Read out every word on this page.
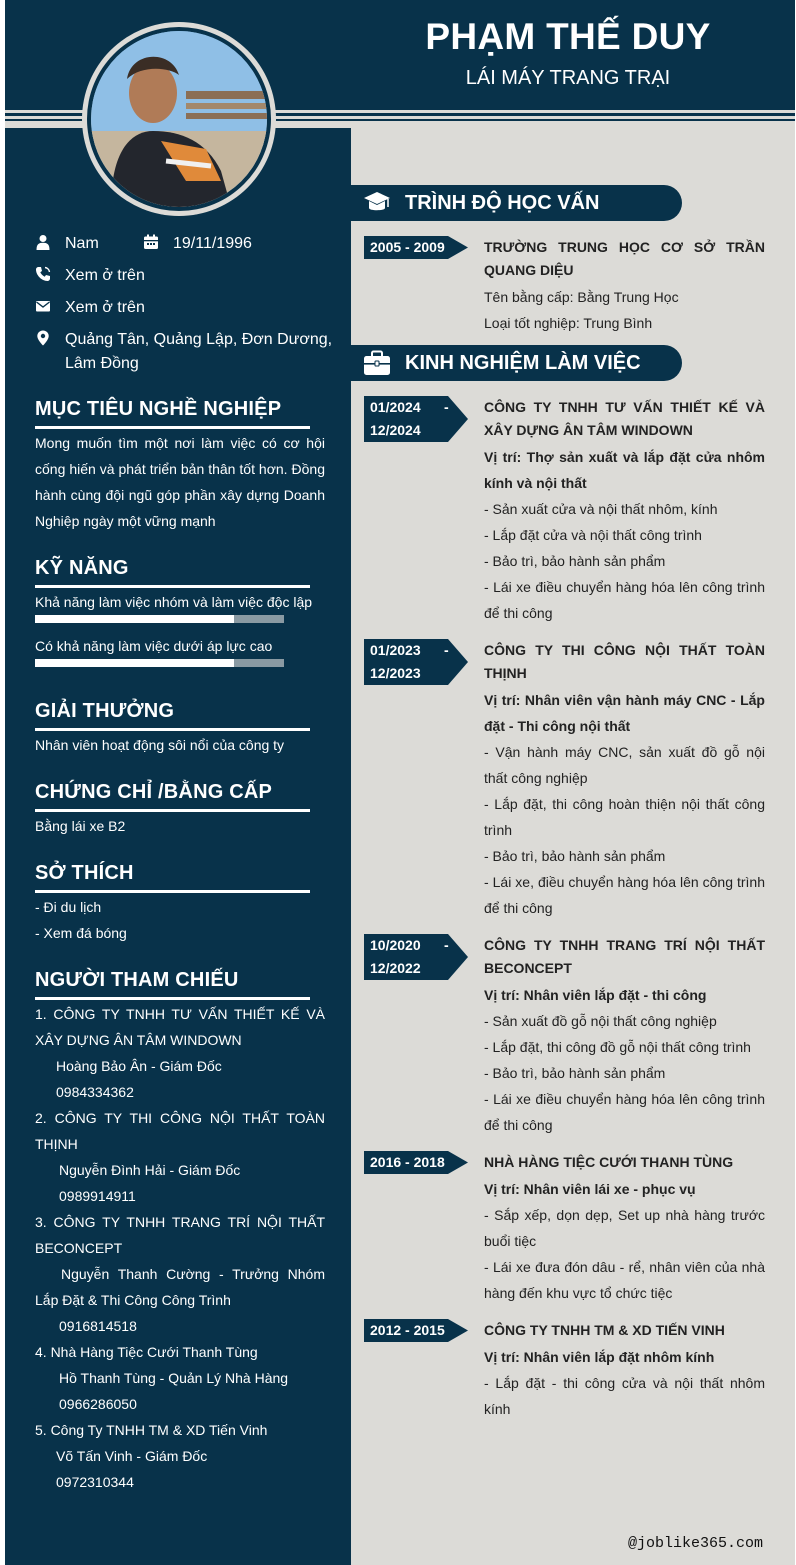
PHẠM THẾ DUY
LÁI MÁY TRANG TRẠI
Nam	19/11/1996
Xem ở trên
Xem ở trên
Quảng Tân, Quảng Lập, Đơn Dương,
Lâm Đồng
MỤC TIÊU NGHỀ NGHIỆP
Mong muốn tìm một nơi làm việc có cơ hội cống hiến và phát triển bản thân tốt hơn. Đồng hành cùng đội ngũ góp phần xây dựng Doanh Nghiệp ngày một vững mạnh
KỸ NĂNG
Khả năng làm việc nhóm và làm việc độc lập
Có khả năng làm việc dưới áp lực cao
GIẢI THƯỞNG
Nhân viên hoạt động sôi nổi của công ty
CHỨNG CHỈ /BẰNG CẤP
Bằng lái xe B2
SỞ THÍCH
- Đi du lịch
- Xem đá bóng
NGƯỜI THAM CHIẾU
1. CÔNG TY TNHH TƯ VẤN THIẾT KẾ VÀ XÂY DỰNG ÂN TÂM WINDOWN
Hoàng Bảo Ân - Giám Đốc
0984334362
2. CÔNG TY THI CÔNG NỘI THẤT TOÀN THỊNH
Nguyễn Đình Hải - Giám Đốc
0989914911
3. CÔNG TY TNHH TRANG TRÍ NỘI THẤT BECONCEPT
Nguyễn Thanh Cường - Trưởng Nhóm Lắp Đặt & Thi Công Công Trình
0916814518
4. Nhà Hàng Tiệc Cưới Thanh Tùng
Hồ Thanh Tùng - Quản Lý Nhà Hàng
0966286050
5. Công Ty TNHH TM & XD Tiến Vinh
Võ Tấn Vinh - Giám Đốc
0972310344
TRÌNH ĐỘ HỌC VẤN
2005 - 2009	TRƯỜNG TRUNG HỌC CƠ SỞ TRẦN QUANG DIỆU
Tên bằng cấp: Bằng Trung Học
Loại tốt nghiệp: Trung Bình
KINH NGHIỆM LÀM VIỆC
01/2024      -
12/2024
CÔNG TY TNHH TƯ VẤN THIẾT KẾ VÀ XÂY DỰNG ÂN TÂM WINDOWN
Vị trí: Thợ sản xuất và lắp đặt cửa nhôm kính và nội thất
- Sản xuất cửa và nội thất nhôm, kính
- Lắp đặt cửa và nội thất công trình
- Bảo trì, bảo hành sản phẩm
- Lái xe điều chuyển hàng hóa lên công trình để thi công
01/2023      -
12/2023
CÔNG TY THI CÔNG NỘI THẤT TOÀN THỊNH
Vị trí: Nhân viên vận hành máy CNC - Lắp đặt - Thi công nội thất
- Vận hành máy CNC, sản xuất đồ gỗ nội thất công nghiệp
- Lắp đặt, thi công hoàn thiện nội thất công trình
- Bảo trì, bảo hành sản phẩm
- Lái xe, điều chuyển hàng hóa lên công trình để thi công
10/2020      -
12/2022
CÔNG TY TNHH TRANG TRÍ NỘI THẤT BECONCEPT
Vị trí: Nhân viên lắp đặt - thi công
- Sản xuất đồ gỗ nội thất công nghiệp
- Lắp đặt, thi công đồ gỗ nội thất công trình
- Bảo trì, bảo hành sản phẩm
- Lái xe điều chuyển hàng hóa lên công trình để thi công
2016 - 2018	NHÀ HÀNG TIỆC CƯỚI THANH TÙNG
Vị trí: Nhân viên lái xe - phục vụ
- Sắp xếp, dọn dẹp, Set up nhà hàng trước buổi tiệc
- Lái xe đưa đón dâu - rể, nhân viên của nhà hàng đến khu vực tổ chức tiệc
2012 - 2015	CÔNG TY TNHH TM & XD TIẾN VINH
Vị trí: Nhân viên lắp đặt nhôm kính
- Lắp đặt - thi công cửa và nội thất nhôm kính
@joblike365.com
